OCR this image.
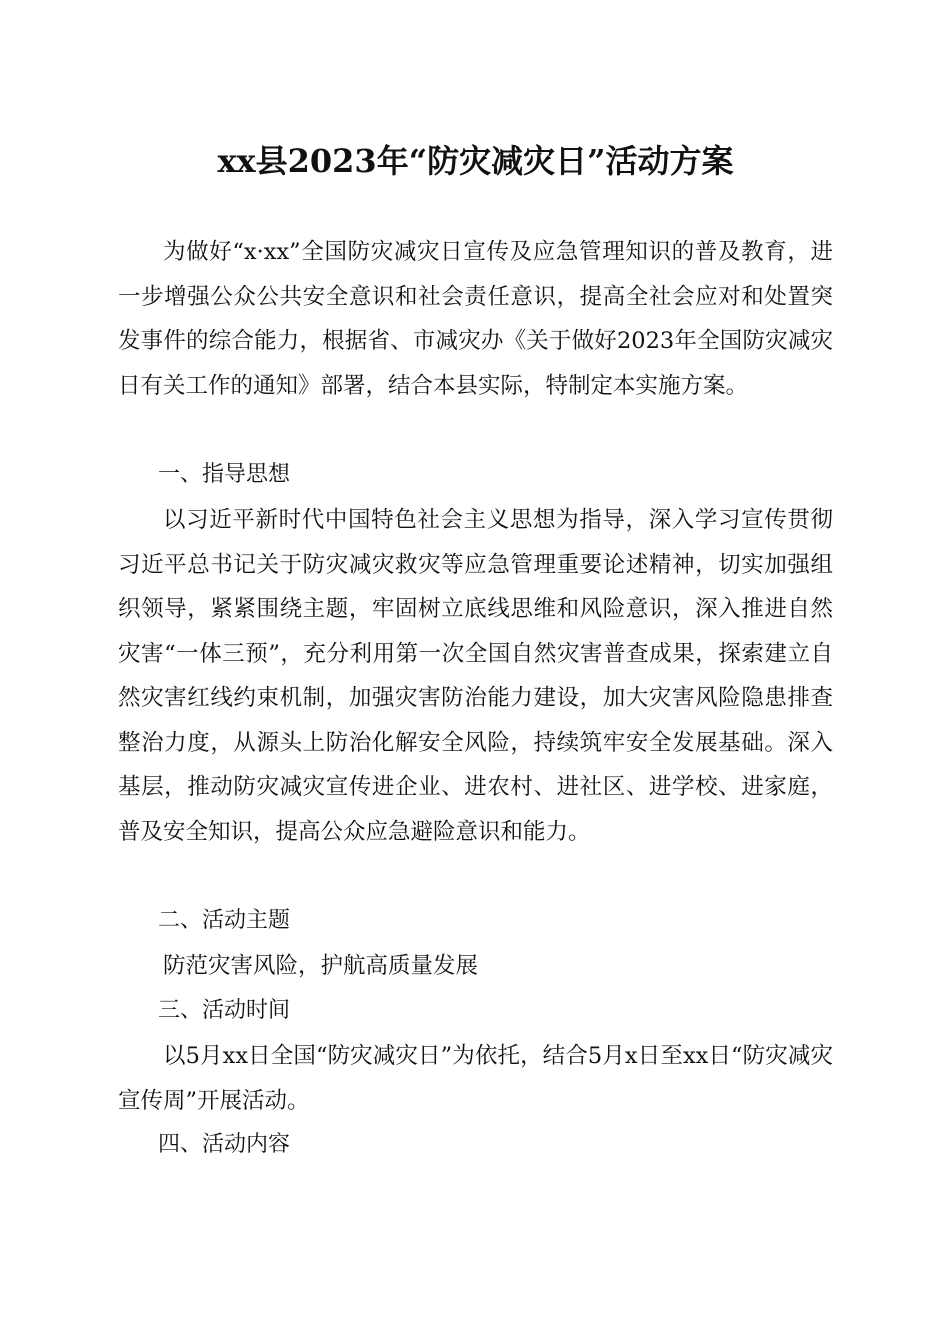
xx县2023年“防灾减灾日”活动方案

为做好“x·xx”全国防灾减灾日宣传及应急管理知识的普及教育，进一步增强公众公共安全意识和社会责任意识，提高全社会应对和处置突发事件的综合能力，根据省、市减灾办《关于做好2023年全国防灾减灾日有关工作的通知》部署，结合本县实际，特制定本实施方案。

一、指导思想

以习近平新时代中国特色社会主义思想为指导，深入学习宣传贯彻习近平总书记关于防灾减灾救灾等应急管理重要论述精神，切实加强组织领导，紧紧围绕主题，牢固树立底线思维和风险意识，深入推进自然灾害“一体三预”，充分利用第一次全国自然灾害普查成果，探索建立自然灾害红线约束机制，加强灾害防治能力建设，加大灾害风险隐患排查整治力度，从源头上防治化解安全风险，持续筑牢安全发展基础。深入基层，推动防灾减灾宣传进企业、进农村、进社区、进学校、进家庭，普及安全知识，提高公众应急避险意识和能力。

二、活动主题

防范灾害风险，护航高质量发展

三、活动时间

以5月xx日全国“防灾减灾日”为依托，结合5月x日至xx日“防灾减灾宣传周”开展活动。

四、活动内容
